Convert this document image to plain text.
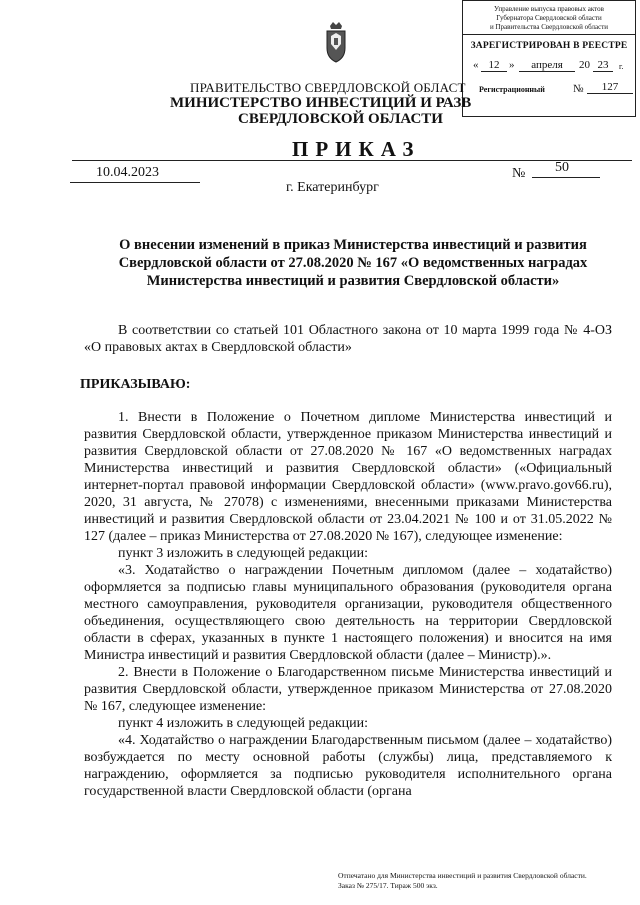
Управление выпуска правовых актов
Губернатора Свердловской области
и Правительства Свердловской области
ЗАРЕГИСТРИРОВАН В РЕЕСТРЕ
« 12 »	апреля	20 23	г.
Регистрационный	№	127
ПРАВИТЕЛЬСТВО СВЕРДЛОВСКОЙ ОБЛАСТ
МИНИСТЕРСТВО ИНВЕСТИЦИЙ И РАЗВ
СВЕРДЛОВСКОЙ ОБЛАСТИ
ПРИКАЗ
10.04.2023	№ 50
г. Екатеринбург
О внесении изменений в приказ Министерства инвестиций и развития Свердловской области от 27.08.2020 № 167 «О ведомственных наградах Министерства инвестиций и развития Свердловской области»

В соответствии со статьей 101 Областного закона от 10 марта 1999 года № 4-ОЗ «О правовых актах в Свердловской области»

ПРИКАЗЫВАЮ:

1. Внести в Положение о Почетном дипломе Министерства инвестиций и развития Свердловской области, утвержденное приказом Министерства инвестиций и развития Свердловской области от 27.08.2020 № 167 «О ведомственных наградах Министерства инвестиций и развития Свердловской области» («Официальный интернет-портал правовой информации Свердловской области» (www.pravo.gov66.ru), 2020, 31 августа, № 27078) с изменениями, внесенными приказами Министерства инвестиций и развития Свердловской области от 23.04.2021 № 100 и от 31.05.2022 № 127 (далее – приказ Министерства от 27.08.2020 № 167), следующее изменение:

пункт 3 изложить в следующей редакции:

«3. Ходатайство о награждении Почетным дипломом (далее – ходатайство) оформляется за подписью главы муниципального образования (руководителя органа местного самоуправления, руководителя организации, руководителя общественного объединения, осуществляющего свою деятельность на территории Свердловской области в сферах, указанных в пункте 1 настоящего положения) и вносится на имя Министра инвестиций и развития Свердловской области (далее – Министр).».

2. Внести в Положение о Благодарственном письме Министерства инвестиций и развития Свердловской области, утвержденное приказом Министерства от 27.08.2020 № 167, следующее изменение:

пункт 4 изложить в следующей редакции:

«4. Ходатайство о награждении Благодарственным письмом (далее – ходатайство) возбуждается по месту основной работы (службы) лица, представляемого к награждению, оформляется за подписью руководителя исполнительного органа государственной власти Свердловской области (органа

Отпечатано для Министерства инвестиций и развития Свердловской области.
Заказ № 275/17. Тираж 500 экз.
